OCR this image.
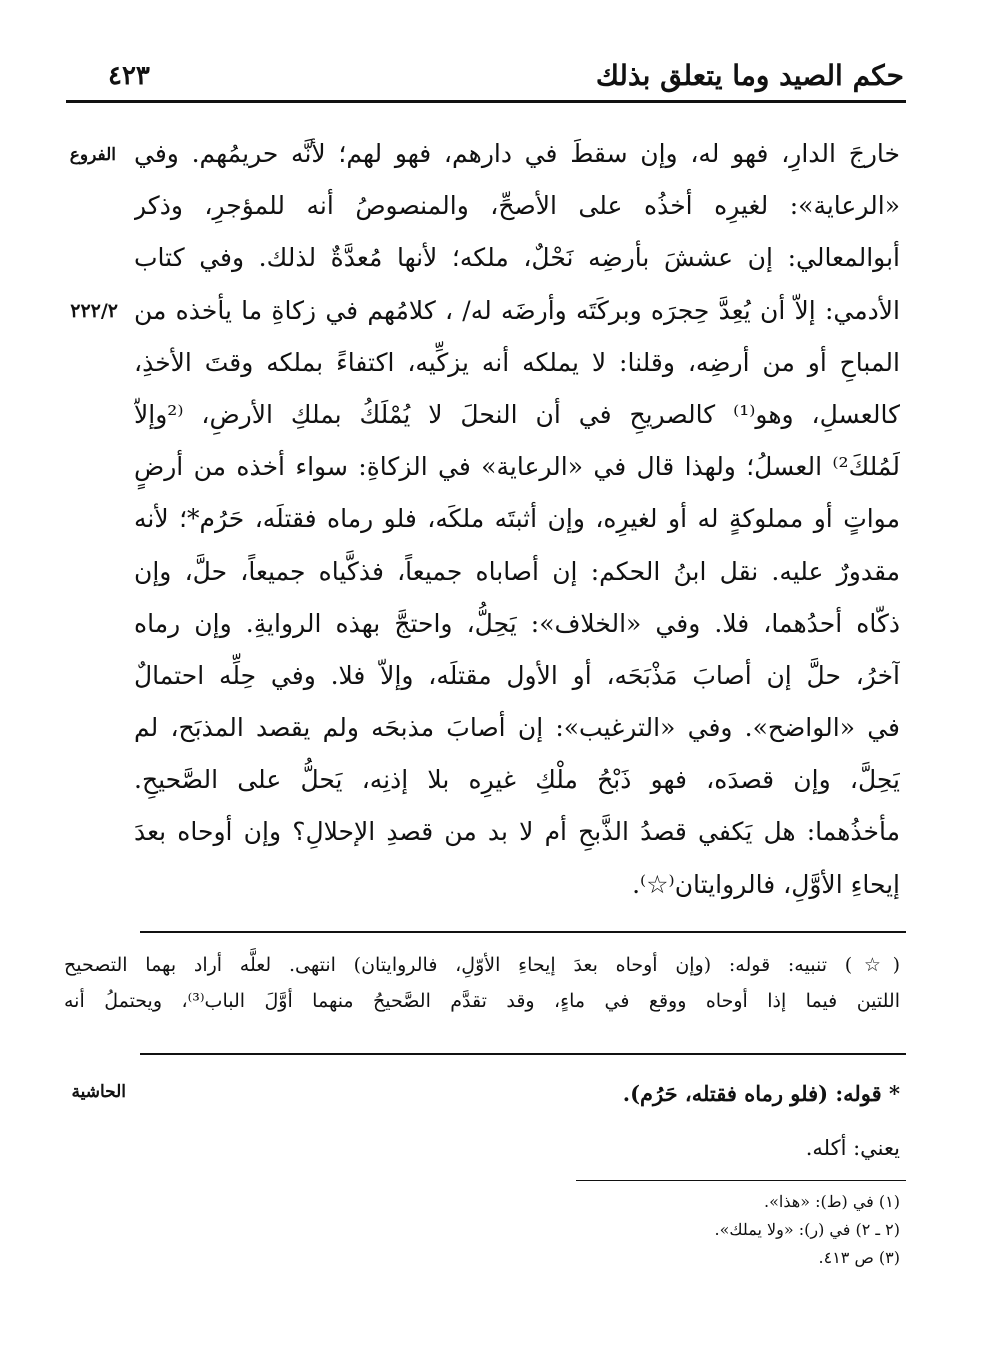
حكم الصيد وما يتعلق بذلك
٤٢٣
الفروع
٢٢٢/٢
خارجَ الدارِ، فهو له، وإن سقطَ في دارهم، فهو لهم؛ لأنَّه حريمُهم. وفي
«الرعاية»: لغيرِه أخذُه على الأصحِّ، والمنصوصُ أنه للمؤجرِ، وذكر
أبوالمعالي: إن عششَ بأرضِه نَحْلٌ، ملكه؛ لأنها مُعدَّةٌ لذلك. وفي كتاب
الأدمي: إلاّ أن يُعِدَّ حِجرَه وبركَتَه وأرضَه له/ ، كلامُهم في زكاةِ ما يأخذه من
المباحِ أو من أرضِه، وقلنا: لا يملكه أنه يزكِّيه، اكتفاءً بملكه وقتَ الأخذِ،
كالعسلِ، وهو⁽¹⁾ كالصريحِ في أن النحلَ لا يُمْلَكُ بملكِ الأرضِ، ⁽²وإلاّ
لَمُلكَ²⁾ العسلُ؛ ولهذا قال في «الرعاية» في الزكاةِ: سواء أخذه من أرضٍ
مواتٍ أو مملوكةٍ له أو لغيرِه، وإن أثبتَه ملكَه، فلو رماه فقتلَه، حَرُم*؛ لأنه
مقدورٌ عليه. نقل ابنُ الحكم: إن أصاباه جميعاً، فذكَّياه جميعاً، حلَّ، وإن
ذكّاه أحدُهما، فلا. وفي «الخلاف»: يَحِلُّ، واحتجَّ بهذه الروايةِ. وإن رماه
آخرُ، حلَّ إن أصابَ مَذْبَحَه، أو الأول مقتلَه، وإلاّ فلا. وفي حِلِّه احتمالٌ
في «الواضح». وفي «الترغيب»: إن أصابَ مذبحَه ولم يقصد المذبَح، لم
يَحِلَّ، وإن قصدَه، فهو ذَبْحُ ملْكِ غيرِه بلا إذنِه، يَحلُّ على الصَّحيحِ.
مأخذُهما: هل يَكفي قصدُ الذَّبحِ أم لا بد من قصدِ الإحلالِ؟ وإن أوحاه بعدَ
إيحاءِ الأوَّلِ، فالروايتان⁽☆⁾.
(☆) تنبيه: قوله: (وإن أوحاه بعدَ إيحاءِ الأوّلِ، فالروايتان) انتهى. لعلَّه أراد بهما التصحيح
اللتين فيما إذا أوحاه ووقع في ماءٍ، وقد تقدَّم الصَّحيحُ منهما أوَّلَ الباب⁽³⁾، ويحتملُ أنه
الحاشية	* قوله: (فلو رماه فقتله، حَرُم).

يعني: أكله.

(١) في (ط): «هذا».
(٢ ـ ٢) في (ر): «ولا يملك».
(٣) ص ٤١٣.
